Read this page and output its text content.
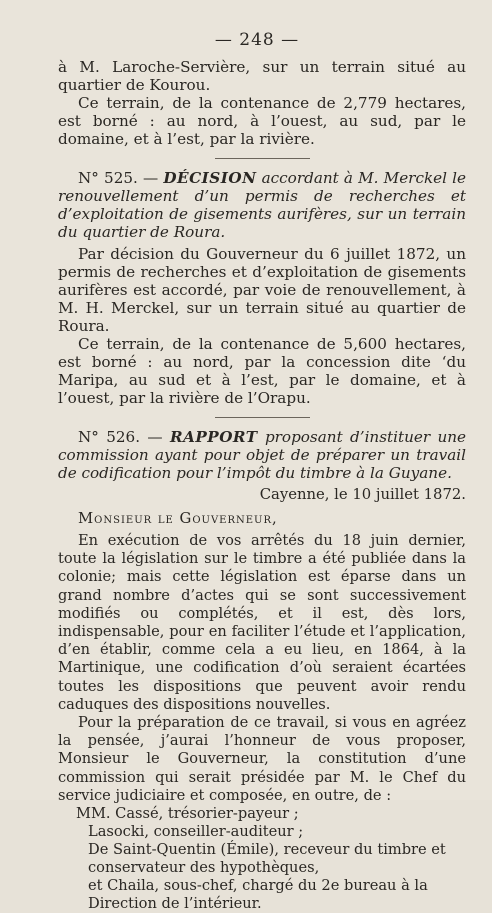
— 248 —

à M. Laroche-Servière, sur un terrain situé au quartier de Kourou.

Ce terrain, de la contenance de 2,779 hectares, est borné : au nord, à l’ouest, au sud, par le domaine, et à l’est, par la rivière.

N° 525. — DÉCISION accordant à M. Merckel le renouvellement d’un permis de recherches et d’exploitation de gisements aurifères, sur un terrain du quartier de Roura.

Par décision du Gouverneur du 6 juillet 1872, un permis de recherches et d’exploitation de gisements aurifères est accordé, par voie de renouvellement, à M. H. Merckel, sur un terrain situé au quartier de Roura.

Ce terrain, de la contenance de 5,600 hectares, est borné : au nord, par la concession dite ‘du Maripa, au sud et à l’est, par le domaine, et à l’ouest, par la rivière de l’Orapu.

N° 526. — RAPPORT proposant d’instituer une commission ayant pour objet de préparer un travail de codification pour l’impôt du timbre à la Guyane.

Cayenne, le 10 juillet 1872.
Monsieur le Gouverneur,

En exécution de vos arrêtés du 18 juin dernier, toute la législation sur le timbre a été publiée dans la colonie; mais cette législation est éparse dans un grand nombre d’actes qui se sont successivement modifiés ou complétés, et il est, dès lors, indispensable, pour en faciliter l’étude et l’application, d’en établir, comme cela a eu lieu, en 1864, à la Martinique, une codification d’où seraient écartées toutes les dispositions que peuvent avoir rendu caduques des dispositions nouvelles.

Pour la préparation de ce travail, si vous en agréez la pensée, j’aurai l’honneur de vous proposer, Monsieur le Gouverneur, la constitution d’une commission qui serait présidée par M. le Chef du service judiciaire et composée, en outre, de :

MM. Cassé, trésorier-payeur ;
Lasocki, conseiller-auditeur ;
De Saint-Quentin (Émile), receveur du timbre et conservateur des hypothèques,
et Chaila, sous-chef, chargé du 2e bureau à la Direction de l’intérieur.
